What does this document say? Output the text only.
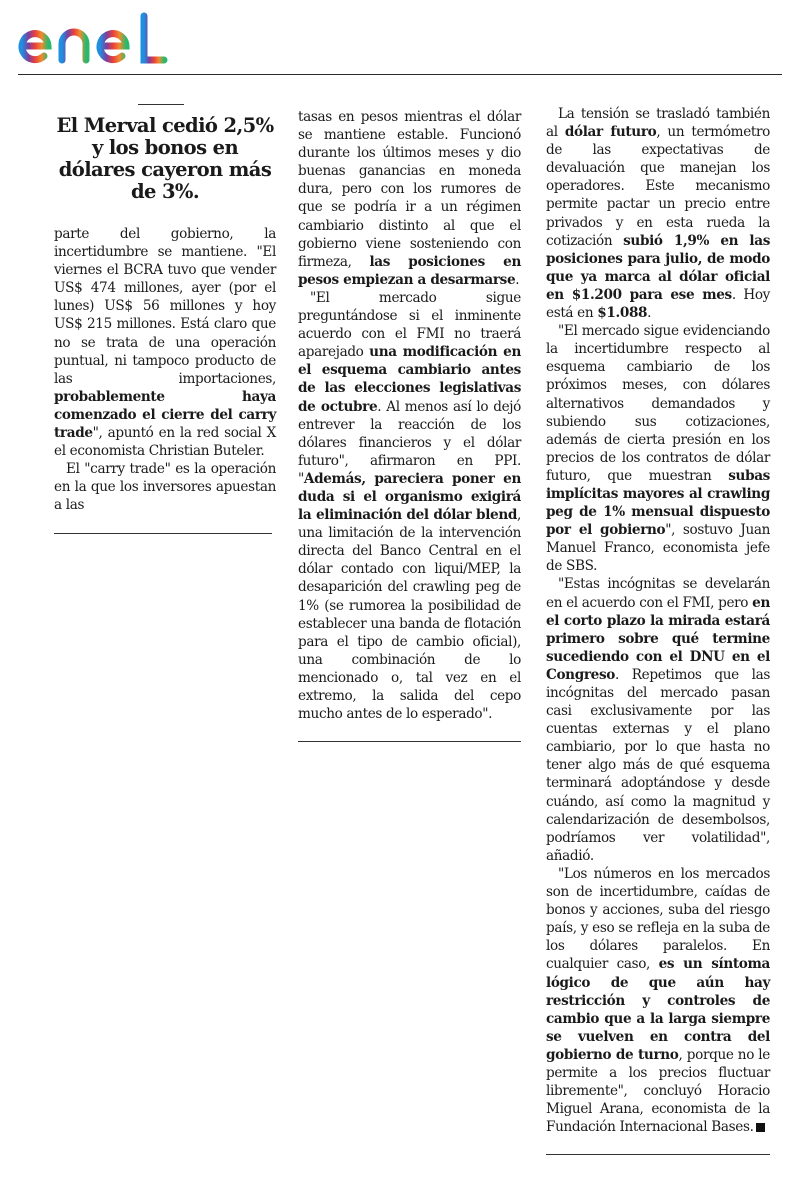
El Merval cedió 2,5% y los bonos en dólares cayeron más de 3%.

parte del gobierno, la incertidumbre se mantiene. "El viernes el BCRA tuvo que vender US$ 474 millones, ayer (por el lunes) US$ 56 millones y hoy US$ 215 millones. Está claro que no se trata de una operación puntual, ni tampoco producto de las importaciones, probablemente haya comenzado el cierre del carry trade", apuntó en la red social X el economista Christian Buteler.

El "carry trade" es la operación en la que los inversores apuestan a las

tasas en pesos mientras el dólar se mantiene estable. Funcionó durante los últimos meses y dio buenas ganancias en moneda dura, pero con los rumores de que se podría ir a un régimen cambiario distinto al que el gobierno viene sosteniendo con firmeza, las posiciones en pesos empiezan a desarmarse.

"El mercado sigue preguntándose si el inminente acuerdo con el FMI no traerá aparejado una modificación en el esquema cambiario antes de las elecciones legislativas de octubre. Al menos así lo dejó entrever la reacción de los dólares financieros y el dólar futuro", afirmaron en PPI. "Además, pareciera poner en duda si el organismo exigirá la eliminación del dólar blend, una limitación de la intervención directa del Banco Central en el dólar contado con liqui/MEP, la desaparición del crawling peg de 1% (se rumorea la posibilidad de establecer una banda de flotación para el tipo de cambio oficial), una combinación de lo mencionado o, tal vez en el extremo, la salida del cepo mucho antes de lo esperado".

La tensión se trasladó también al dólar futuro, un termómetro de las expectativas de devaluación que manejan los operadores. Este mecanismo permite pactar un precio entre privados y en esta rueda la cotización subió 1,9% en las posiciones para julio, de modo que ya marca al dólar oficial en $1.200 para ese mes. Hoy está en $1.088.

"El mercado sigue evidenciando la incertidumbre respecto al esquema cambiario de los próximos meses, con dólares alternativos demandados y subiendo sus cotizaciones, además de cierta presión en los precios de los contratos de dólar futuro, que muestran subas implícitas mayores al crawling peg de 1% mensual dispuesto por el gobierno", sostuvo Juan Manuel Franco, economista jefe de SBS.

"Estas incógnitas se develarán en el acuerdo con el FMI, pero en el corto plazo la mirada estará primero sobre qué termine sucediendo con el DNU en el Congreso. Repetimos que las incógnitas del mercado pasan casi exclusivamente por las cuentas externas y el plano cambiario, por lo que hasta no tener algo más de qué esquema terminará adoptándose y desde cuándo, así como la magnitud y calendarización de desembolsos, podríamos ver volatilidad", añadió.

"Los números en los mercados son de incertidumbre, caídas de bonos y acciones, suba del riesgo país, y eso se refleja en la suba de los dólares paralelos. En cualquier caso, es un síntoma lógico de que aún hay restricción y controles de cambio que a la larga siempre se vuelven en contra del gobierno de turno, porque no le permite a los precios fluctuar libremente", concluyó Horacio Miguel Arana, economista de la Fundación Internacional Bases.
